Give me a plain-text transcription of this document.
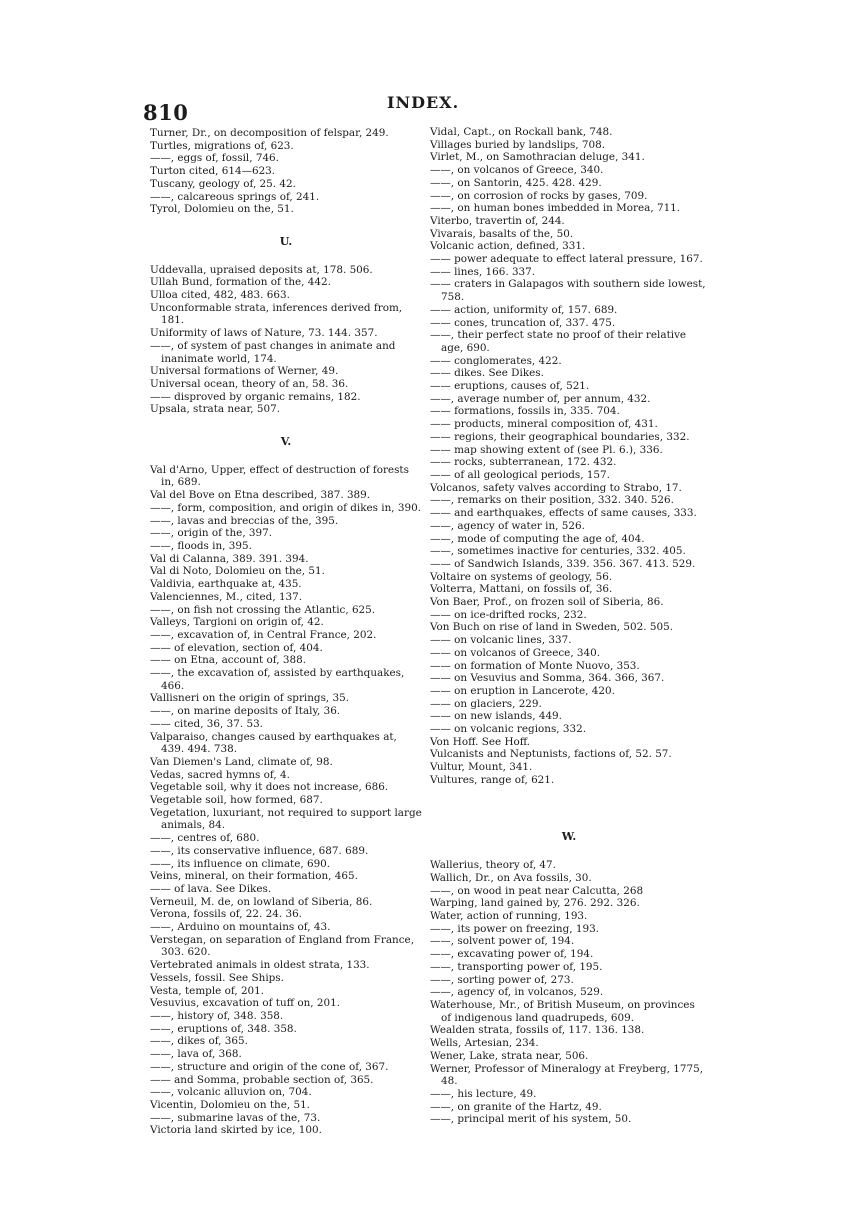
810	INDEX.

Turner, Dr., on decomposition of felspar, 249.

Turtles, migrations of, 623.

——, eggs of, fossil, 746.

Turton cited, 614—623.

Tuscany, geology of, 25. 42.

——, calcareous springs of, 241.

Tyrol, Dolomieu on the, 51.

U.

Uddevalla, upraised deposits at, 178. 506.

Ullah Bund, formation of the, 442.

Ulloa cited, 482, 483. 663.

Unconformable strata, inferences derived from, 181.

Uniformity of laws of Nature, 73. 144. 357.

——, of system of past changes in animate and inanimate world, 174.

Universal formations of Werner, 49.

Universal ocean, theory of an, 58. 36.

—— disproved by organic remains, 182.

Upsala, strata near, 507.

V.

Val d'Arno, Upper, effect of destruction of forests in, 689.

Val del Bove on Etna described, 387. 389.

——, form, composition, and origin of dikes in, 390.

——, lavas and breccias of the, 395.

——, origin of the, 397.

——, floods in, 395.

Val di Calanna, 389. 391. 394.

Val di Noto, Dolomieu on the, 51.

Valdivia, earthquake at, 435.

Valenciennes, M., cited, 137.

——, on fish not crossing the Atlantic, 625.

Valleys, Targioni on origin of, 42.

——, excavation of, in Central France, 202.

—— of elevation, section of, 404.

—— on Etna, account of, 388.

——, the excavation of, assisted by earthquakes, 466.

Vallisneri on the origin of springs, 35.

——, on marine deposits of Italy, 36.

—— cited, 36, 37. 53.

Valparaiso, changes caused by earthquakes at, 439. 494. 738.

Van Diemen's Land, climate of, 98.

Vedas, sacred hymns of, 4.

Vegetable soil, why it does not increase, 686.

Vegetable soil, how formed, 687.

Vegetation, luxuriant, not required to support large animals, 84.

——, centres of, 680.

——, its conservative influence, 687. 689.

——, its influence on climate, 690.

Veins, mineral, on their formation, 465.

—— of lava. See Dikes.

Verneuil, M. de, on lowland of Siberia, 86.

Verona, fossils of, 22. 24. 36.

——, Arduino on mountains of, 43.

Verstegan, on separation of England from France, 303. 620.

Vertebrated animals in oldest strata, 133.

Vessels, fossil. See Ships.

Vesta, temple of, 201.

Vesuvius, excavation of tuff on, 201.

——, history of, 348. 358.

——, eruptions of, 348. 358.

——, dikes of, 365.

——, lava of, 368.

——, structure and origin of the cone of, 367.

—— and Somma, probable section of, 365.

——, volcanic alluvion on, 704.

Vicentin, Dolomieu on the, 51.

——, submarine lavas of the, 73.

Victoria land skirted by ice, 100.

Vidal, Capt., on Rockall bank, 748.

Villages buried by landslips, 708.

Virlet, M., on Samothracian deluge, 341.

——, on volcanos of Greece, 340.

——, on Santorin, 425. 428. 429.

——, on corrosion of rocks by gases, 709.

——, on human bones imbedded in Morea, 711.

Viterbo, travertin of, 244.

Vivarais, basalts of the, 50.

Volcanic action, defined, 331.

—— power adequate to effect lateral pressure, 167.

—— lines, 166. 337.

—— craters in Galapagos with southern side lowest, 758.

—— action, uniformity of, 157. 689.

—— cones, truncation of, 337. 475.

——, their perfect state no proof of their relative age, 690.

—— conglomerates, 422.

—— dikes. See Dikes.

—— eruptions, causes of, 521.

——, average number of, per annum, 432.

—— formations, fossils in, 335. 704.

—— products, mineral composition of, 431.

—— regions, their geographical boundaries, 332.

—— map showing extent of (see Pl. 6.), 336.

—— rocks, subterranean, 172. 432.

—— of all geological periods, 157.

Volcanos, safety valves according to Strabo, 17.

——, remarks on their position, 332. 340. 526.

—— and earthquakes, effects of same causes, 333.

——, agency of water in, 526.

——, mode of computing the age of, 404.

——, sometimes inactive for centuries, 332. 405.

—— of Sandwich Islands, 339. 356. 367. 413. 529.

Voltaire on systems of geology, 56.

Volterra, Mattani, on fossils of, 36.

Von Baer, Prof., on frozen soil of Siberia, 86.

—— on ice-drifted rocks, 232.

Von Buch on rise of land in Sweden, 502. 505.

—— on volcanic lines, 337.

—— on volcanos of Greece, 340.

—— on formation of Monte Nuovo, 353.

—— on Vesuvius and Somma, 364. 366, 367.

—— on eruption in Lancerote, 420.

—— on glaciers, 229.

—— on new islands, 449.

—— on volcanic regions, 332.

Von Hoff. See Hoff.

Vulcanists and Neptunists, factions of, 52. 57.

Vultur, Mount, 341.

Vultures, range of, 621.

W.

Wallerius, theory of, 47.

Wallich, Dr., on Ava fossils, 30.

——, on wood in peat near Calcutta, 268

Warping, land gained by, 276. 292. 326.

Water, action of running, 193.

——, its power on freezing, 193.

——, solvent power of, 194.

——, excavating power of, 194.

——, transporting power of, 195.

——, sorting power of, 273.

——, agency of, in volcanos, 529.

Waterhouse, Mr., of British Museum, on provinces of indigenous land quadrupeds, 609.

Wealden strata, fossils of, 117. 136. 138.

Wells, Artesian, 234.

Wener, Lake, strata near, 506.

Werner, Professor of Mineralogy at Freyberg, 1775, 48.

——, his lecture, 49.

——, on granite of the Hartz, 49.

——, principal merit of his system, 50.
